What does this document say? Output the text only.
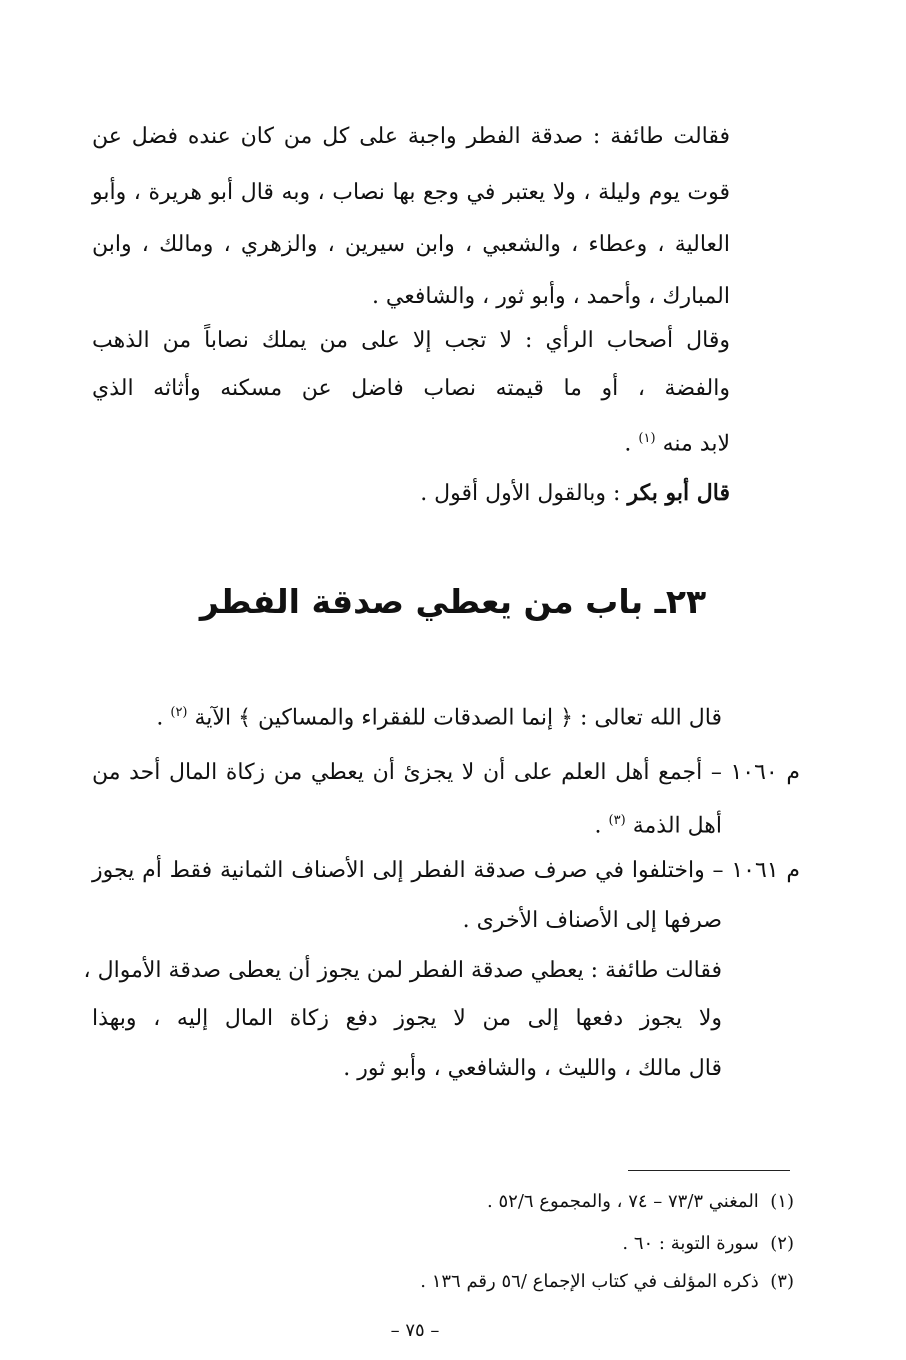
فقالت طائفة : صدقة الفطر واجبة على كل من كان عنده فضل عن
قوت يوم وليلة ، ولا يعتبر في وجع بها نصاب ، وبه قال أبو هريرة ، وأبو
العالية ، وعطاء ، والشعبي ، وابن سيرين ، والزهري ، ومالك ، وابن
المبارك ، وأحمد ، وأبو ثور ، والشافعي .
وقال أصحاب الرأي : لا تجب إلا على من يملك نصاباً من الذهب
والفضة ، أو ما قيمته نصاب فاضل عن مسكنه وأثاثه الذي
لابد منه $^{(١)}$ .
قال أبو بكر : وبالقول الأول أقول .
٢٣ـ باب من يعطي صدقة الفطر
قال الله تعالى : ﴿ إنما الصدقات للفقراء والمساكين ﴾ الآية $^{(٢)}$ .
م ١٠٦٠ – أجمع أهل العلم على أن لا يجزئ أن يعطي من زكاة المال أحد من
أهل الذمة $^{(٣)}$ .
م ١٠٦١ – واختلفوا في صرف صدقة الفطر إلى الأصناف الثمانية فقط أم يجوز
صرفها إلى الأصناف الأخرى .
فقالت طائفة : يعطي صدقة الفطر لمن يجوز أن يعطى صدقة الأموال ،
ولا يجوز دفعها إلى من لا يجوز دفع زكاة المال إليه ، وبهذا
قال مالك ، والليث ، والشافعي ، وأبو ثور .
(١)  المغني ٧٣/٣ – ٧٤ ، والمجموع ٥٢/٦ .
(٢)  سورة التوبة : ٦٠ .
(٣)  ذكره المؤلف في كتاب الإجماع /٥٦ رقم ١٣٦ .
– ٧٥ –
